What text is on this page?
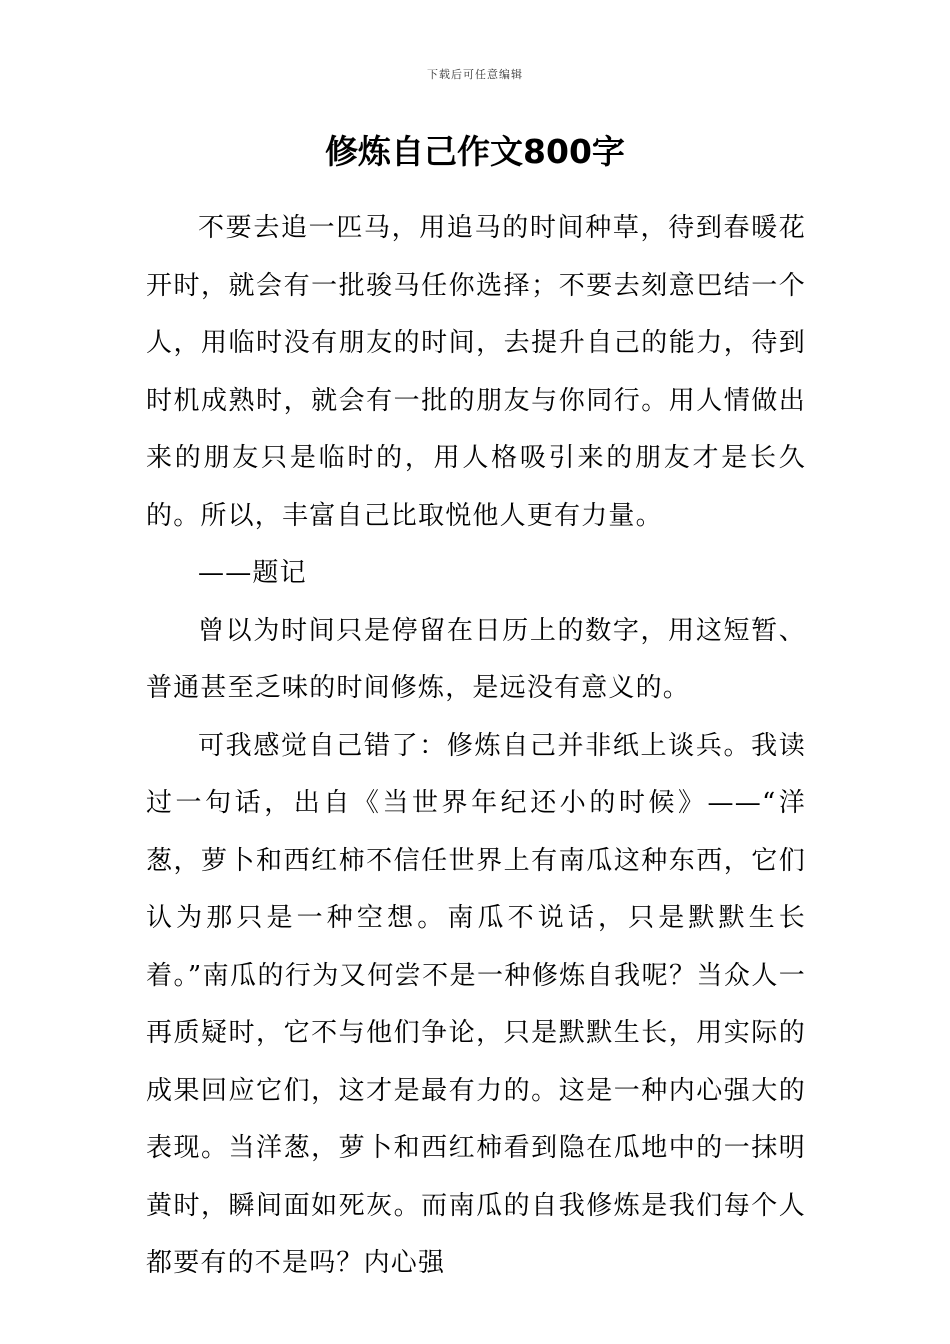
下载后可任意编辑
修炼自己作文800字

不要去追一匹马，用追马的时间种草，待到春暖花开时，就会有一批骏马任你选择；不要去刻意巴结一个人，用临时没有朋友的时间，去提升自己的能力，待到时机成熟时，就会有一批的朋友与你同行。用人情做出来的朋友只是临时的，用人格吸引来的朋友才是长久的。所以，丰富自己比取悦他人更有力量。

——题记

曾以为时间只是停留在日历上的数字，用这短暂、普通甚至乏味的时间修炼，是远没有意义的。

可我感觉自己错了：修炼自己并非纸上谈兵。我读过一句话，出自《当世界年纪还小的时候》——“洋葱，萝卜和西红柿不信任世界上有南瓜这种东西，它们认为那只是一种空想。南瓜不说话，只是默默生长着。”南瓜的行为又何尝不是一种修炼自我呢？当众人一再质疑时，它不与他们争论，只是默默生长，用实际的成果回应它们，这才是最有力的。这是一种内心强大的表现。当洋葱，萝卜和西红柿看到隐在瓜地中的一抹明黄时，瞬间面如死灰。而南瓜的自我修炼是我们每个人都要有的不是吗？内心强
